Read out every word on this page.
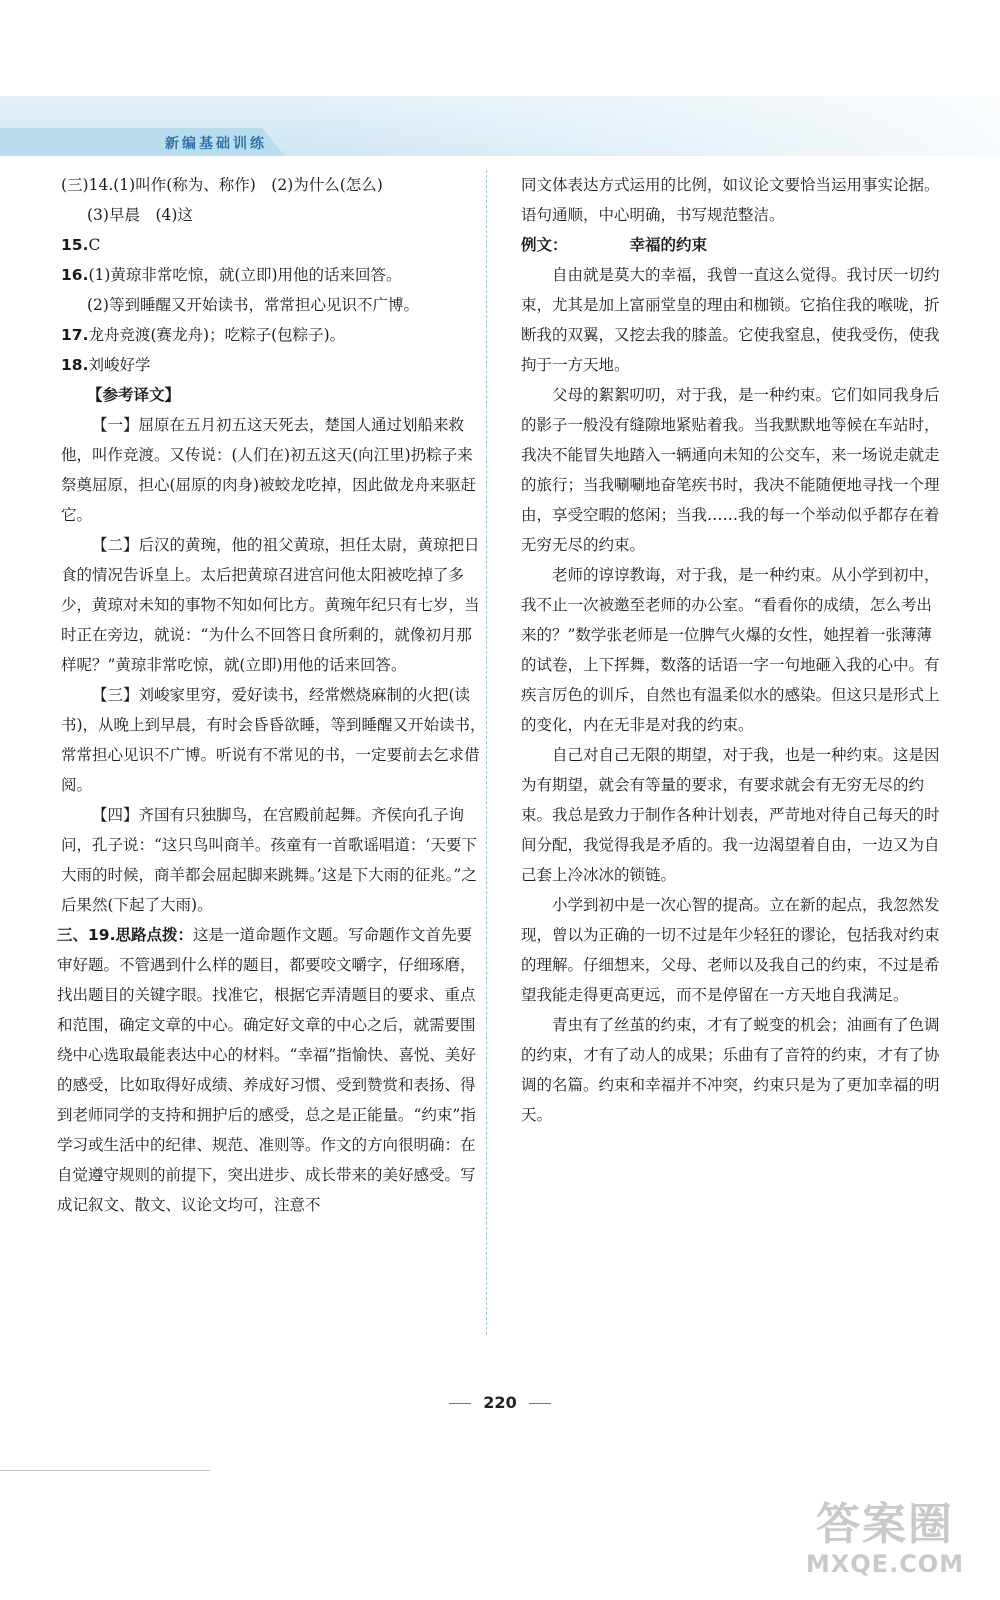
新编基础训练

(三)14.(1)叫作(称为、称作)　(2)为什么(怎么)

(3)早晨　(4)这

15.C

16.(1)黄琼非常吃惊，就(立即)用他的话来回答。

(2)等到睡醒又开始读书，常常担心见识不广博。

17.龙舟竞渡(赛龙舟)；吃粽子(包粽子)。

18.刘峻好学

【参考译文】

【一】屈原在五月初五这天死去，楚国人通过划船来救他，叫作竞渡。又传说：(人们在)初五这天(向江里)扔粽子来祭奠屈原，担心(屈原的肉身)被蛟龙吃掉，因此做龙舟来驱赶它。

【二】后汉的黄琬，他的祖父黄琼，担任太尉，黄琼把日食的情况告诉皇上。太后把黄琼召进宫问他太阳被吃掉了多少，黄琼对未知的事物不知如何比方。黄琬年纪只有七岁，当时正在旁边，就说：“为什么不回答日食所剩的，就像初月那样呢？”黄琼非常吃惊，就(立即)用他的话来回答。

【三】刘峻家里穷，爱好读书，经常燃烧麻制的火把(读书)，从晚上到早晨，有时会昏昏欲睡，等到睡醒又开始读书，常常担心见识不广博。听说有不常见的书，一定要前去乞求借阅。

【四】齐国有只独脚鸟，在宫殿前起舞。齐侯向孔子询问，孔子说：“这只鸟叫商羊。孩童有一首歌谣唱道：‘天要下大雨的时候，商羊都会屈起脚来跳舞。’这是下大雨的征兆。”之后果然(下起了大雨)。

三、19.思路点拨：这是一道命题作文题。写命题作文首先要审好题。不管遇到什么样的题目，都要咬文嚼字，仔细琢磨，找出题目的关键字眼。找准它，根据它弄清题目的要求、重点和范围，确定文章的中心。确定好文章的中心之后，就需要围绕中心选取最能表达中心的材料。“幸福”指愉快、喜悦、美好的感受，比如取得好成绩、养成好习惯、受到赞赏和表扬、得到老师同学的支持和拥护后的感受，总之是正能量。“约束”指学习或生活中的纪律、规范、准则等。作文的方向很明确：在自觉遵守规则的前提下，突出进步、成长带来的美好感受。写成记叙文、散文、议论文均可，注意不

同文体表达方式运用的比例，如议论文要恰当运用事实论据。语句通顺，中心明确，书写规范整洁。

例文：	幸福的约束

自由就是莫大的幸福，我曾一直这么觉得。我讨厌一切约束，尤其是加上富丽堂皇的理由和枷锁。它掐住我的喉咙，折断我的双翼，又挖去我的膝盖。它使我窒息，使我受伤，使我拘于一方天地。

父母的絮絮叨叨，对于我，是一种约束。它们如同我身后的影子一般没有缝隙地紧贴着我。当我默默地等候在车站时，我决不能冒失地踏入一辆通向未知的公交车，来一场说走就走的旅行；当我唰唰地奋笔疾书时，我决不能随便地寻找一个理由，享受空暇的悠闲；当我……我的每一个举动似乎都存在着无穷无尽的约束。

老师的谆谆教诲，对于我，是一种约束。从小学到初中，我不止一次被邀至老师的办公室。“看看你的成绩，怎么考出来的？”数学张老师是一位脾气火爆的女性，她捏着一张薄薄的试卷，上下挥舞，数落的话语一字一句地砸入我的心中。有疾言厉色的训斥，自然也有温柔似水的感染。但这只是形式上的变化，内在无非是对我的约束。

自己对自己无限的期望，对于我，也是一种约束。这是因为有期望，就会有等量的要求，有要求就会有无穷无尽的约束。我总是致力于制作各种计划表，严苛地对待自己每天的时间分配，我觉得我是矛盾的。我一边渴望着自由，一边又为自己套上冷冰冰的锁链。

小学到初中是一次心智的提高。立在新的起点，我忽然发现，曾以为正确的一切不过是年少轻狂的谬论，包括我对约束的理解。仔细想来，父母、老师以及我自己的约束，不过是希望我能走得更高更远，而不是停留在一方天地自我满足。

青虫有了丝茧的约束，才有了蜕变的机会；油画有了色调的约束，才有了动人的成果；乐曲有了音符的约束，才有了协调的名篇。约束和幸福并不冲突，约束只是为了更加幸福的明天。

220
答案圈
MXQE.COM
